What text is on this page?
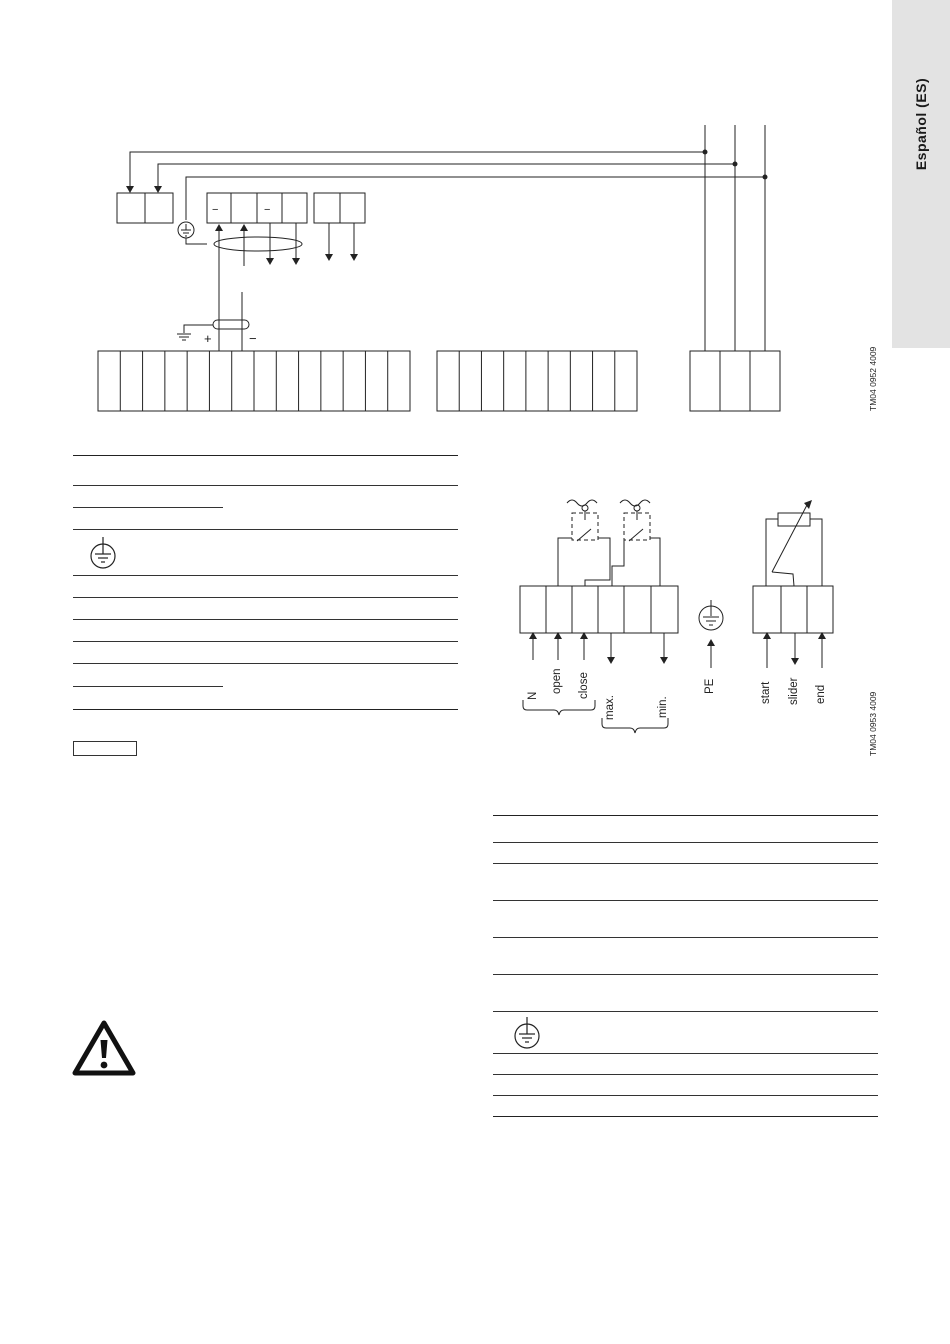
Español (ES)
−	−
+	−
TM04 0952 4009
N
open close
max.	min.
PE	start slider end	TM04 0953 4009
